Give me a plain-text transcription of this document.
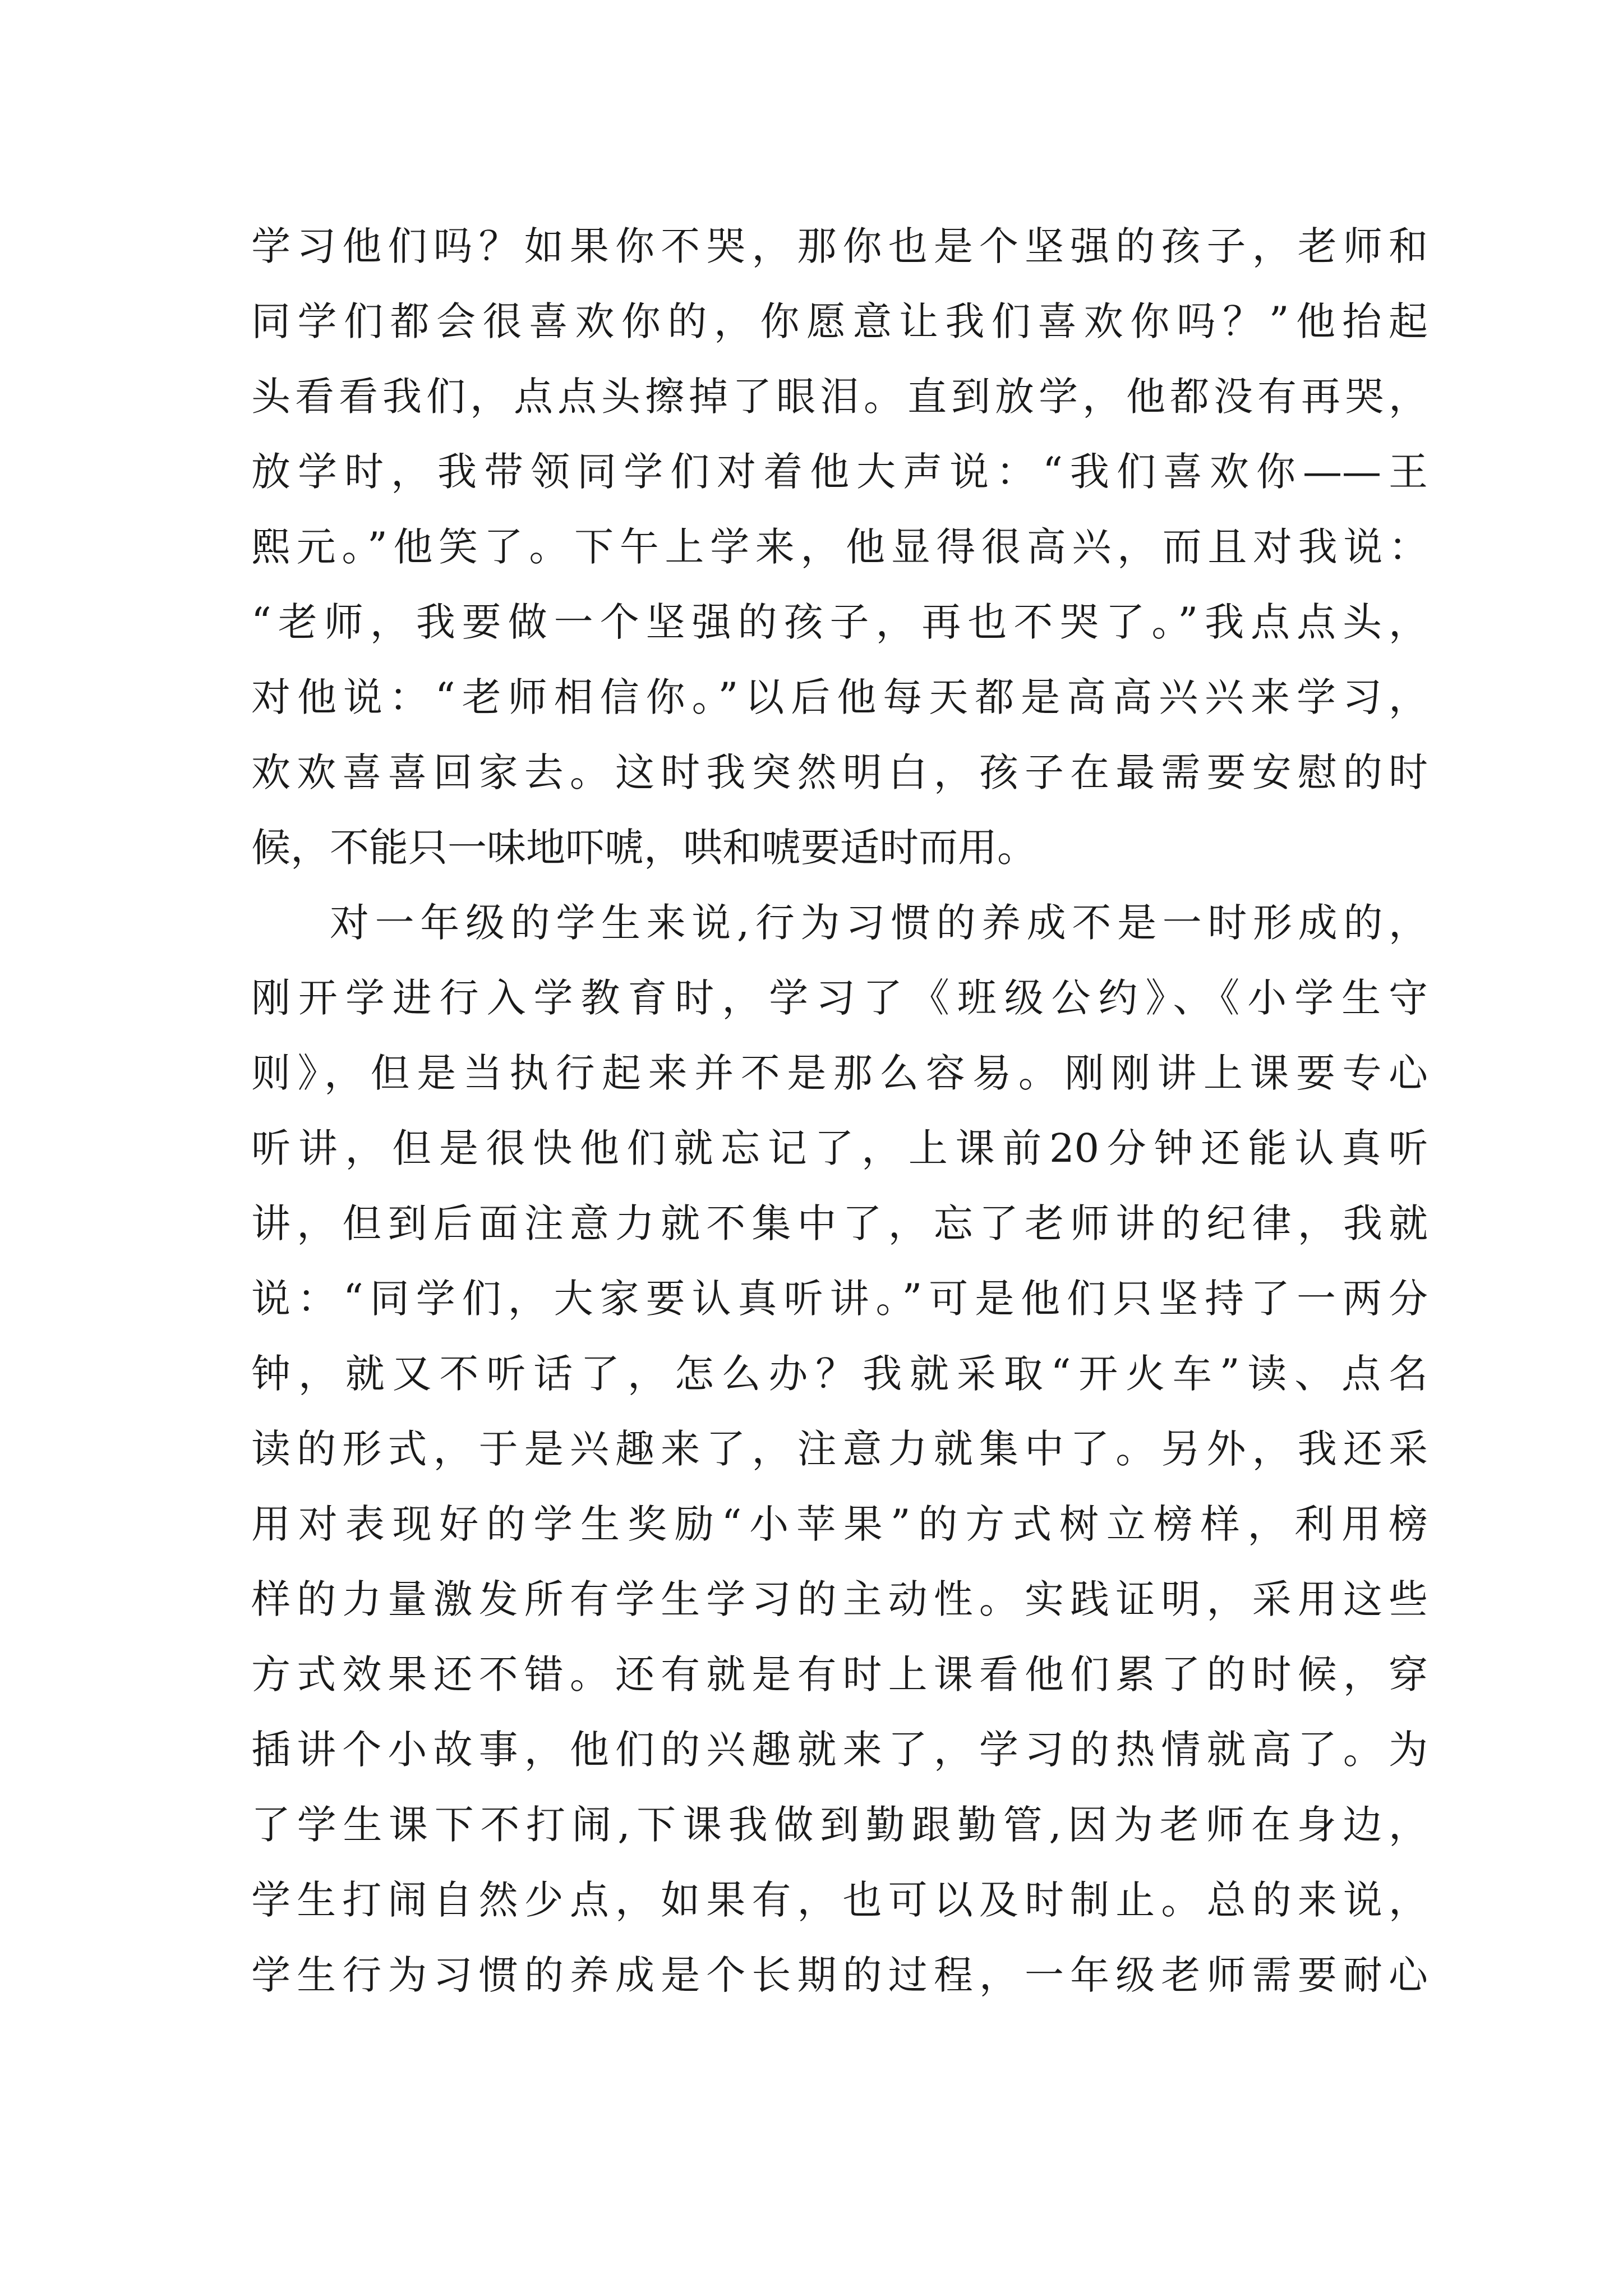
学习他们吗？如果你不哭，那你也是个坚强的孩子，老师和
同学们都会很喜欢你的，你愿意让我们喜欢你吗？”他抬起
头看看我们，点点头擦掉了眼泪。直到放学，他都没有再哭，
放学时，我带领同学们对着他大声说：“我们喜欢你——王
熙元。”他笑了。下午上学来，他显得很高兴，而且对我说：
“老师，我要做一个坚强的孩子，再也不哭了。”我点点头，
对他说：“老师相信你。”以后他每天都是高高兴兴来学习，
欢欢喜喜回家去。这时我突然明白，孩子在最需要安慰的时
候，不能只一味地吓唬，哄和唬要适时而用。
对一年级的学生来说,行为习惯的养成不是一时形成的，
刚开学进行入学教育时，学习了《班级公约》、《小学生守
则》，但是当执行起来并不是那么容易。刚刚讲上课要专心
听讲，但是很快他们就忘记了，上课前20分钟还能认真听
讲，但到后面注意力就不集中了，忘了老师讲的纪律，我就
说：“同学们，大家要认真听讲。”可是他们只坚持了一两分
钟，就又不听话了，怎么办？我就采取“开火车”读、点名
读的形式，于是兴趣来了，注意力就集中了。另外，我还采
用对表现好的学生奖励“小苹果”的方式树立榜样，利用榜
样的力量激发所有学生学习的主动性。实践证明，采用这些
方式效果还不错。还有就是有时上课看他们累了的时候，穿
插讲个小故事，他们的兴趣就来了，学习的热情就高了。为
了学生课下不打闹,下课我做到勤跟勤管,因为老师在身边，
学生打闹自然少点，如果有，也可以及时制止。总的来说，
学生行为习惯的养成是个长期的过程，一年级老师需要耐心
